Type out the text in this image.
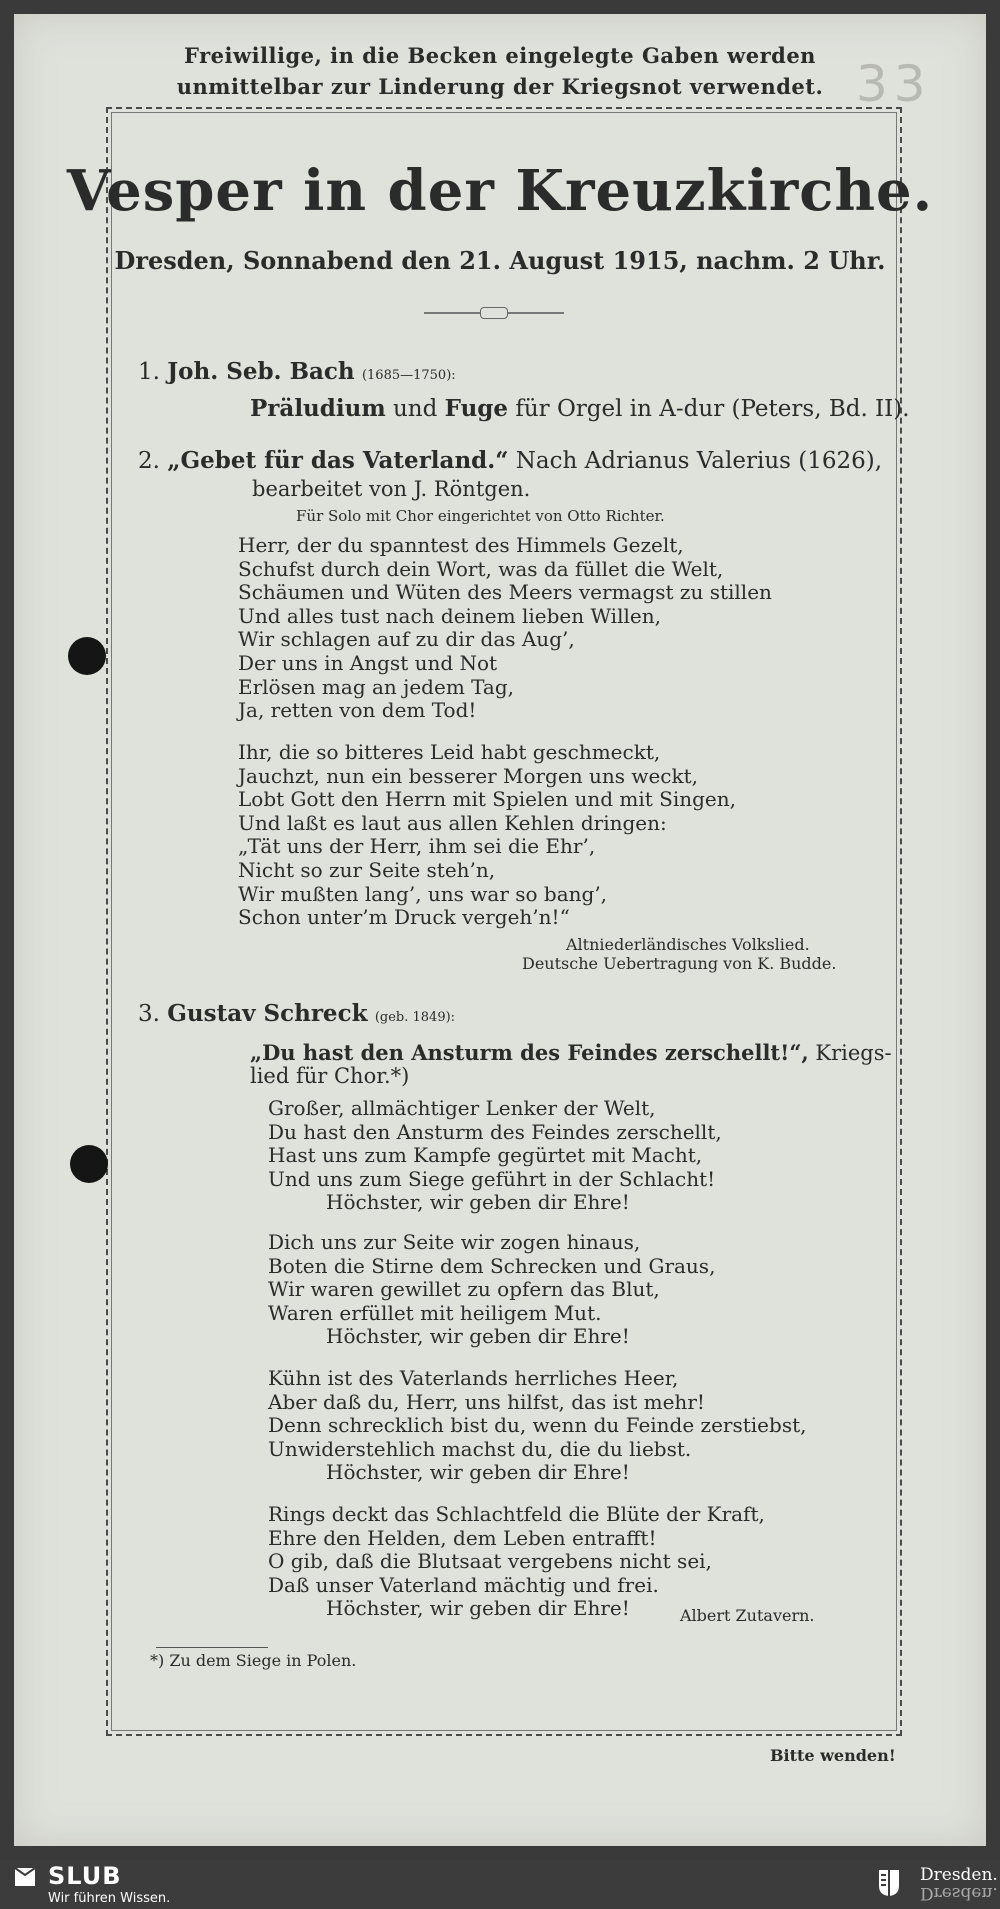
Freiwillige, in die Becken eingelegte Gaben werden
unmittelbar zur Linderung der Kriegsnot verwendet. 33
Vesper in der Kreuzkirche.
Dresden, Sonnabend den 21. August 1915, nachm. 2 Uhr.
1. Joh. Seb. Bach (1685—1750):
Präludium und Fuge für Orgel in A-dur (Peters, Bd. II).
2. „Gebet für das Vaterland.“ Nach Adrianus Valerius (1626),
bearbeitet von J. Röntgen.
Für Solo mit Chor eingerichtet von Otto Richter.
Herr, der du spanntest des Himmels Gezelt,
Schufst durch dein Wort, was da füllet die Welt,
Schäumen und Wüten des Meers vermagst zu stillen
Und alles tust nach deinem lieben Willen,
Wir schlagen auf zu dir das Aug’,
Der uns in Angst und Not
Erlösen mag an jedem Tag,
Ja, retten von dem Tod!
Ihr, die so bitteres Leid habt geschmeckt,
Jauchzt, nun ein besserer Morgen uns weckt,
Lobt Gott den Herrn mit Spielen und mit Singen,
Und laßt es laut aus allen Kehlen dringen:
„Tät uns der Herr, ihm sei die Ehr’,
Nicht so zur Seite steh’n,
Wir mußten lang’, uns war so bang’,
Schon unter’m Druck vergeh’n!“
Altniederländisches Volkslied.
Deutsche Uebertragung von K. Budde.
3. Gustav Schreck (geb. 1849):
„Du hast den Ansturm des Feindes zerschellt!“, Kriegs-
lied für Chor.*)
Großer, allmächtiger Lenker der Welt,
Du hast den Ansturm des Feindes zerschellt,
Hast uns zum Kampfe gegürtet mit Macht,
Und uns zum Siege geführt in der Schlacht!
Höchster, wir geben dir Ehre!
Dich uns zur Seite wir zogen hinaus,
Boten die Stirne dem Schrecken und Graus,
Wir waren gewillet zu opfern das Blut,
Waren erfüllet mit heiligem Mut.
Höchster, wir geben dir Ehre!
Kühn ist des Vaterlands herrliches Heer,
Aber daß du, Herr, uns hilfst, das ist mehr!
Denn schrecklich bist du, wenn du Feinde zerstiebst,
Unwiderstehlich machst du, die du liebst.
Höchster, wir geben dir Ehre!
Rings deckt das Schlachtfeld die Blüte der Kraft,
Ehre den Helden, dem Leben entrafft!
O gib, daß die Blutsaat vergebens nicht sei,
Daß unser Vaterland mächtig und frei.
Höchster, wir geben dir Ehre!	Albert Zutavern.
*) Zu dem Siege in Polen.
Bitte wenden!
SLUB
Wir führen Wissen.
Dresden.
Dresden.
